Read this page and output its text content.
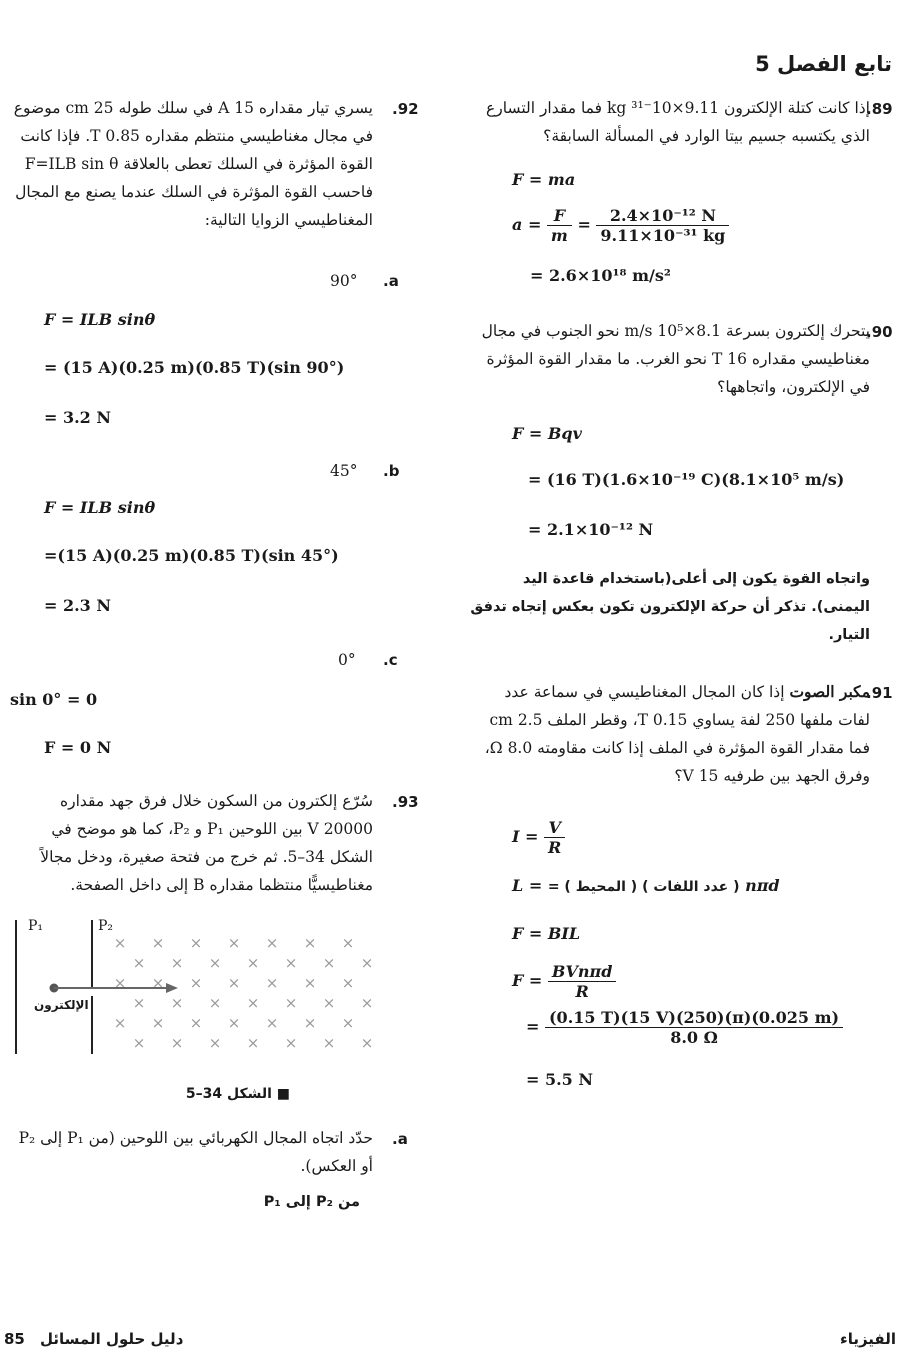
تابع الفصل 5
.89
إذا كانت كتلة الإلكترون 9.11×10⁻³¹ kg فما مقدار التسارع الذي يكتسبه جسيم بيتا الوارد في المسألة السابقة؟
F = ma
$a = \frac{F}{m} = \frac{\text{2.4×10⁻¹² N}}{\text{9.11×10⁻³¹ kg}}$
= 2.6×10¹⁸ m/s²
.90
يتحرك إلكترون بسرعة 8.1×10⁵ m/s نحو الجنوب في مجال مغناطيسي مقداره 16 T نحو الغرب. ما مقدار القوة المؤثرة في الإلكترون، واتجاهها؟
F = Bqv
= (16 T)(1.6×10⁻¹⁹ C)(8.1×10⁵ m/s)
= 2.1×10⁻¹² N
واتجاه القوة يكون إلى أعلى(باستخدام قاعدة اليد اليمنى). تذكر أن حركة الإلكترون تكون بعكس إتجاه تدفق التيار.
.91
مكبر الصوت إذا كان المجال المغناطيسي في سماعة عدد لفات ملفها 250 لفة يساوي 0.15 T، وقطر الملف 2.5 cm فما مقدار القوة المؤثرة في الملف إذا كانت مقاومته 8.0 Ω، وفرق الجهد بين طرفيه 15 V؟
$I = \frac{V}{R}$
L = ( عدد اللفات ) ( المحيط ) = nπd
F = BIL
$F = \frac{\text{BVnπd}}{R}$
= $\frac{(0.15 T)(15 V)(250)(\pi)(0.025 m)}{8.0 \Omega}$
= 5.5 N
.92
يسري تيار مقداره 15 A في سلك طوله 25 cm موضوع في مجال مغناطيسي منتظم مقداره 0.85 T. فإذا كانت القوة المؤثرة في السلك تعطى بالعلاقة F=ILB sin θ فاحسب القوة المؤثرة في السلك عندما يصنع مع المجال المغناطيسي الزوايا التالية:
.a
90°
F = ILB sinθ
= (15 A)(0.25 m)(0.85 T)(sin 90°)
= 3.2 N
.b
45°
F = ILB sinθ
=(15 A)(0.25 m)(0.85 T)(sin 45°)
= 2.3 N
.c
0°
sin 0° = 0
F = 0 N
.93
سُرّع إلكترون من السكون خلال فرق جهد مقداره 20000 V بين اللوحين P₁ و P₂، كما هو موضح في الشكل 34–5. ثم خرج من فتحة صغيرة، ودخل مجالاً مغناطيسيًّا منتظما مقداره B إلى داخل الصفحة.
× × × × × × ×
× × × × × × ×
× × × × × × ×
× × × × × × ×
× × × × × × ×
× × × × × × ×
P₁	P₂
الإلكترون
■ الشكل 34–5
.a
حدّد اتجاه المجال الكهربائي بين اللوحين (من P₁ إلى P₂ أو العكس).
من P₂ إلى P₁
الفيزياء
85 دليل حلول المسائل
